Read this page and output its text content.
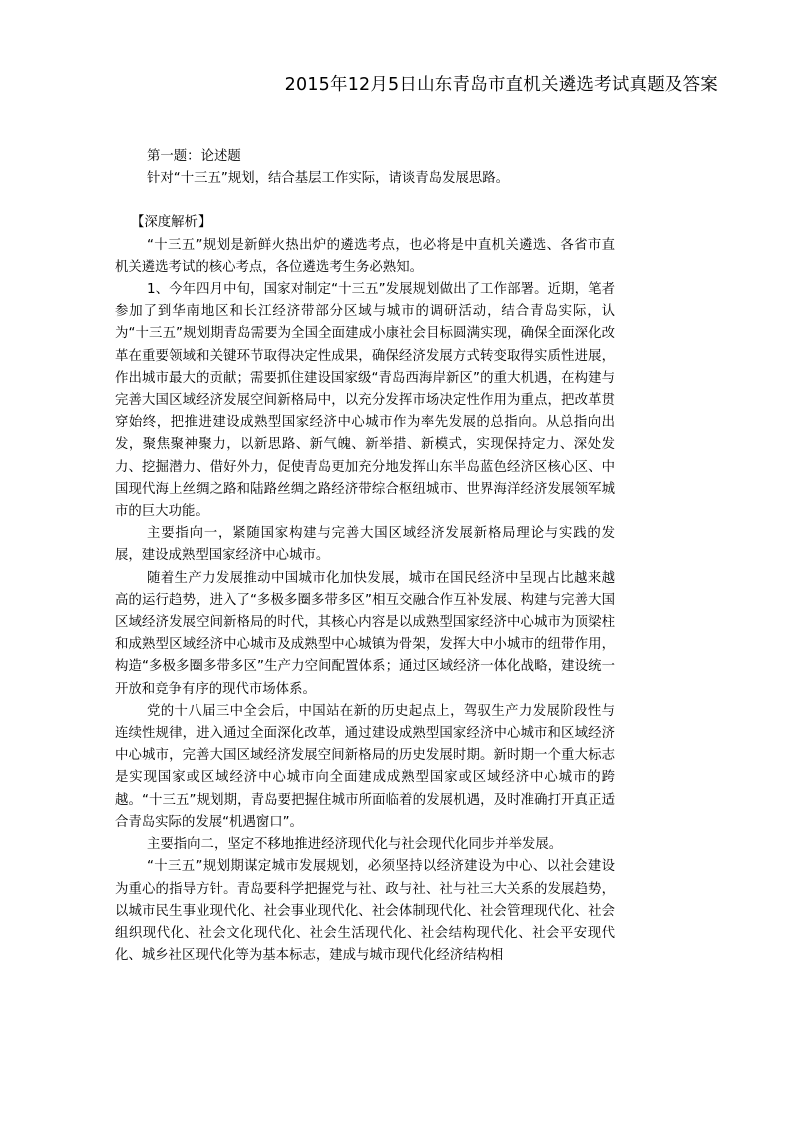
2015年12月5日山东青岛市直机关遴选考试真题及答案

第一题：论述题

针对“十三五”规划，结合基层工作实际，请谈青岛发展思路。

【深度解析】

“十三五”规划是新鲜火热出炉的遴选考点，也必将是中直机关遴选、各省市直机关遴选考试的核心考点，各位遴选考生务必熟知。

1、今年四月中旬，国家对制定“十三五”发展规划做出了工作部署。近期，笔者参加了到华南地区和长江经济带部分区域与城市的调研活动，结合青岛实际，认为“十三五”规划期青岛需要为全国全面建成小康社会目标圆满实现，确保全面深化改革在重要领域和关键环节取得决定性成果，确保经济发展方式转变取得实质性进展，作出城市最大的贡献；需要抓住建设国家级“青岛西海岸新区”的重大机遇，在构建与完善大国区域经济发展空间新格局中，以充分发挥市场决定性作用为重点，把改革贯穿始终，把推进建设成熟型国家经济中心城市作为率先发展的总指向。从总指向出发，聚焦聚神聚力，以新思路、新气魄、新举措、新模式，实现保持定力、深处发力、挖掘潜力、借好外力，促使青岛更加充分地发挥山东半岛蓝色经济区核心区、中国现代海上丝绸之路和陆路丝绸之路经济带综合枢纽城市、世界海洋经济发展领军城市的巨大功能。

主要指向一，紧随国家构建与完善大国区域经济发展新格局理论与实践的发展，建设成熟型国家经济中心城市。

随着生产力发展推动中国城市化加快发展，城市在国民经济中呈现占比越来越高的运行趋势，进入了“多极多圈多带多区”相互交融合作互补发展、构建与完善大国区域经济发展空间新格局的时代，其核心内容是以成熟型国家经济中心城市为顶梁柱和成熟型区域经济中心城市及成熟型中心城镇为骨架，发挥大中小城市的纽带作用，构造“多极多圈多带多区”生产力空间配置体系；通过区域经济一体化战略，建设统一开放和竞争有序的现代市场体系。

党的十八届三中全会后，中国站在新的历史起点上，驾驭生产力发展阶段性与连续性规律，进入通过全面深化改革，通过建设成熟型国家经济中心城市和区域经济中心城市，完善大国区域经济发展空间新格局的历史发展时期。新时期一个重大标志是实现国家或区域经济中心城市向全面建成成熟型国家或区域经济中心城市的跨越。“十三五”规划期，青岛要把握住城市所面临着的发展机遇，及时准确打开真正适合青岛实际的发展“机遇窗口”。

主要指向二，坚定不移地推进经济现代化与社会现代化同步并举发展。

“十三五”规划期谋定城市发展规划，必须坚持以经济建设为中心、以社会建设为重心的指导方针。青岛要科学把握党与社、政与社、社与社三大关系的发展趋势，以城市民生事业现代化、社会事业现代化、社会体制现代化、社会管理现代化、社会组织现代化、社会文化现代化、社会生活现代化、社会结构现代化、社会平安现代化、城乡社区现代化等为基本标志，建成与城市现代化经济结构相
